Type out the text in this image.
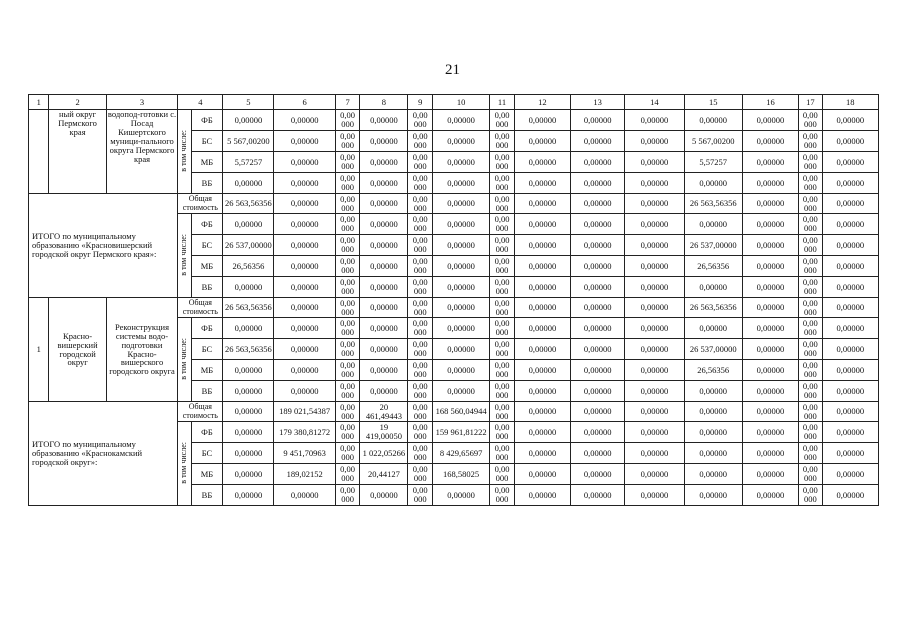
21
1	2	3	4		5	6	7	8	9	10	11	12	13	14	15	16	17	18
	ный округ Пермского края	водопод-готовки с. Посад Кишертского муници-пального округа Пермского края	в том числе:	ФБ	0,00000	0,00000	0,00 000	0,00000	0,00 000	0,00000	0,00 000	0,00000	0,00000	0,00000	0,00000	0,00000	0,00 000	0,00000
				БС	5 567,00200	0,00000	0,00 000	0,00000	0,00 000	0,00000	0,00 000	0,00000	0,00000	0,00000	5 567,00200	0,00000	0,00 000	0,00000
				МБ	5,57257	0,00000	0,00 000	0,00000	0,00 000	0,00000	0,00 000	0,00000	0,00000	0,00000	5,57257	0,00000	0,00 000	0,00000
				ВБ	0,00000	0,00000	0,00 000	0,00000	0,00 000	0,00000	0,00 000	0,00000	0,00000	0,00000	0,00000	0,00000	0,00 000	0,00000
ИТОГО по муниципальному образованию «Красновишерский городской округ Пермского края»:			Общая стоимость		26 563,56356	0,00000	0,00 000	0,00000	0,00 000	0,00000	0,00 000	0,00000	0,00000	0,00000	26 563,56356	0,00000	0,00 000	0,00000
			в том числе:	ФБ	0,00000	0,00000	0,00 000	0,00000	0,00 000	0,00000	0,00 000	0,00000	0,00000	0,00000	0,00000	0,00000	0,00 000	0,00000
				БС	26 537,00000	0,00000	0,00 000	0,00000	0,00 000	0,00000	0,00 000	0,00000	0,00000	0,00000	26 537,00000	0,00000	0,00 000	0,00000
				МБ	26,56356	0,00000	0,00 000	0,00000	0,00 000	0,00000	0,00 000	0,00000	0,00000	0,00000	26,56356	0,00000	0,00 000	0,00000
				ВБ	0,00000	0,00000	0,00 000	0,00000	0,00 000	0,00000	0,00 000	0,00000	0,00000	0,00000	0,00000	0,00000	0,00 000	0,00000
1	Красно-вишерский городской округ	Реконструкция системы водо-подготовки Красно-вишерского городского округа	Общая стоимость		26 563,56356	0,00000	0,00 000	0,00000	0,00 000	0,00000	0,00 000	0,00000	0,00000	0,00000	26 563,56356	0,00000	0,00 000	0,00000
			в том числе:	ФБ	0,00000	0,00000	0,00 000	0,00000	0,00 000	0,00000	0,00 000	0,00000	0,00000	0,00000	0,00000	0,00000	0,00 000	0,00000
				БС	26 563,56356	0,00000	0,00 000	0,00000	0,00 000	0,00000	0,00 000	0,00000	0,00000	0,00000	26 537,00000	0,00000	0,00 000	0,00000
				МБ	0,00000	0,00000	0,00 000	0,00000	0,00 000	0,00000	0,00 000	0,00000	0,00000	0,00000	26,56356	0,00000	0,00 000	0,00000
				ВБ	0,00000	0,00000	0,00 000	0,00000	0,00 000	0,00000	0,00 000	0,00000	0,00000	0,00000	0,00000	0,00000	0,00 000	0,00000
ИТОГО по муниципальному образованию «Краснокамский городской округ»:			Общая стоимость		0,00000	189 021,54387	0,00 000	20 461,49443	0,00 000	168 560,04944	0,00 000	0,00000	0,00000	0,00000	0,00000	0,00000	0,00 000	0,00000
			в том числе:	ФБ	0,00000	179 380,81272	0,00 000	19 419,00050	0,00 000	159 961,81222	0,00 000	0,00000	0,00000	0,00000	0,00000	0,00000	0,00 000	0,00000
				БС	0,00000	9 451,70963	0,00 000	1 022,05266	0,00 000	8 429,65697	0,00 000	0,00000	0,00000	0,00000	0,00000	0,00000	0,00 000	0,00000
				МБ	0,00000	189,02152	0,00 000	20,44127	0,00 000	168,58025	0,00 000	0,00000	0,00000	0,00000	0,00000	0,00000	0,00 000	0,00000
				ВБ	0,00000	0,00000	0,00 000	0,00000	0,00 000	0,00000	0,00 000	0,00000	0,00000	0,00000	0,00000	0,00000	0,00 000	0,00000
